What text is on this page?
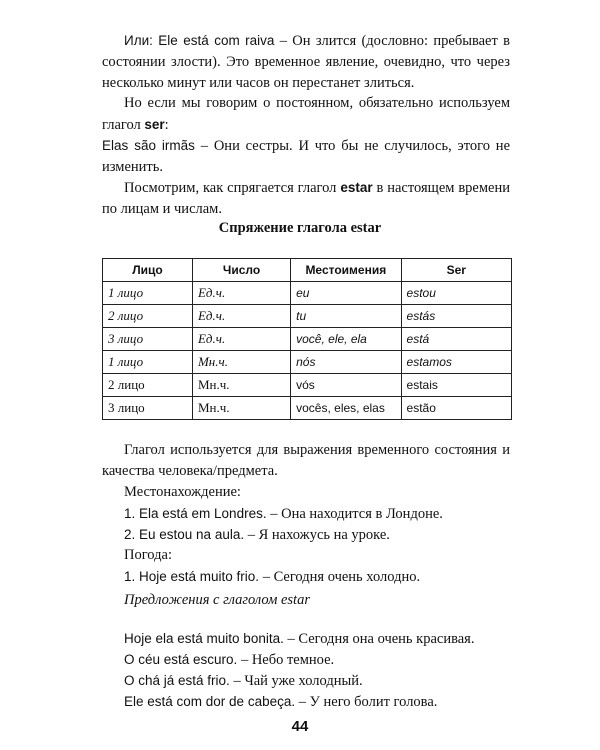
Или: Ele está com raiva – Он злится (дословно: пребывает в состоянии злости). Это временное явление, очевидно, что через несколько минут или часов он перестанет злиться.

Но если мы говорим о постоянном, обязательно используем глагол ser:

Elas são irmãs – Они сестры. И что бы не случилось, этого не изменить.

Посмотрим, как спрягается глагол estar в настоящем времени по лицам и числам.

Спряжение глагола estar
Лицо	Число	Местоимения	Ser
1 лицо	Ед.ч.	eu	estou
2 лицо	Ед.ч.	tu	estás
3 лицо	Ед.ч.	você, ele, ela	está
1 лицо	Мн.ч.	nós	estamos
2 лицо	Мн.ч.	vós	estais
3 лицо	Мн.ч.	vocês, eles, elas	estão

Глагол используется для выражения временного состояния и качества человека/предмета.

Местонахождение:
1. Ela está em Londres. – Она находится в Лондоне.
2. Eu estou na aula. – Я нахожусь на уроке.
Погода:
1. Hoje está muito frio. – Сегодня очень холодно.
Предложения с глаголом estar
Hoje ela está muito bonita. – Сегодня она очень красивая.
O céu está escuro. – Небо темное.
O chá já está frio. – Чай уже холодный.
Ele está com dor de cabeça. – У него болит голова.
44
